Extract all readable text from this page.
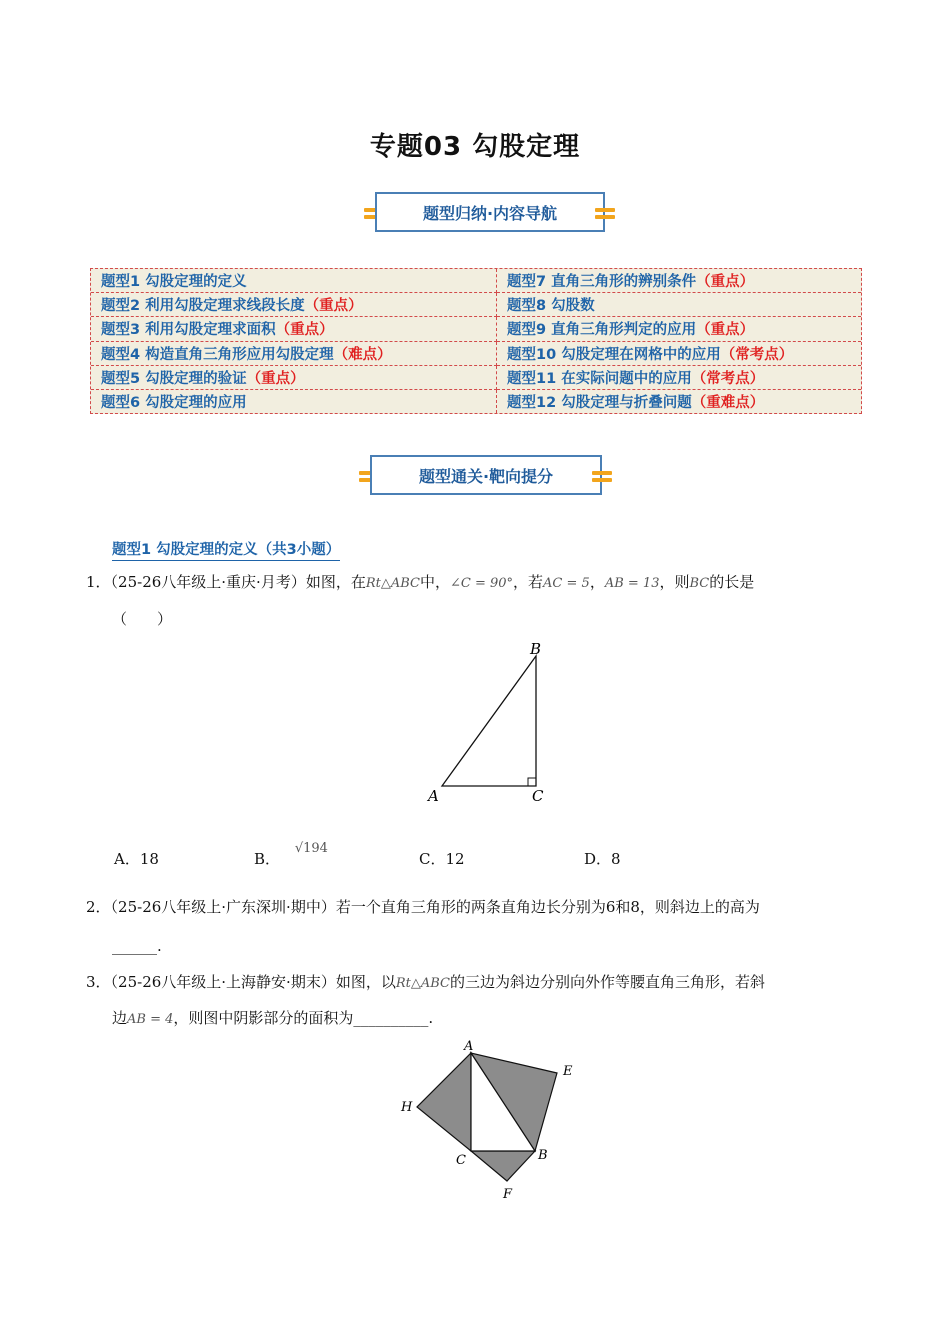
专题03 勾股定理
题型归纳·内容导航
题型1 勾股定理的定义	题型7 直角三角形的辨别条件（重点）
题型2 利用勾股定理求线段长度（重点）	题型8 勾股数
题型3 利用勾股定理求面积（重点）	题型9 直角三角形判定的应用（重点）
题型4 构造直角三角形应用勾股定理（难点）	题型10 勾股定理在网格中的应用（常考点）
题型5 勾股定理的验证（重点）	题型11 在实际问题中的应用（常考点）
题型6 勾股定理的应用	题型12 勾股定理与折叠问题（重难点）
题型通关·靶向提分
题型1 勾股定理的定义（共3小题）
1．（25-26八年级上·重庆·月考）如图，在Rt△ABC中，∠C = 90°，若AC = 5，AB = 13，则BC的长是
（　　）
B
A	C
A．18	B． √194
C．12	D．8
2．（25-26八年级上·广东深圳·期中）若一个直角三角形的两条直角边长分别为6和8，则斜边上的高为
______.
3．（25-26八年级上·上海静安·期末）如图，以Rt△ABC的三边为斜边分别向外作等腰直角三角形，若斜
边AB = 4，则图中阴影部分的面积为__________.
A
E
H
C	B
F
